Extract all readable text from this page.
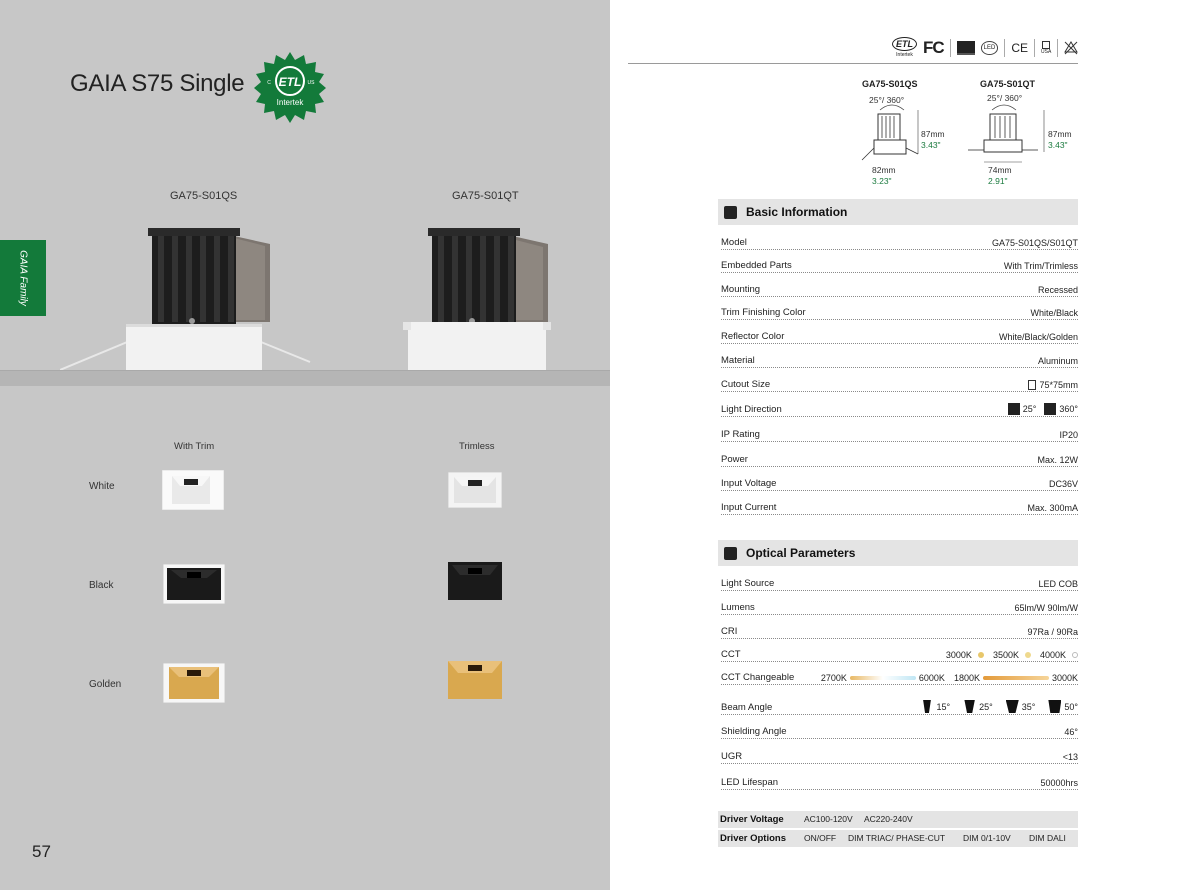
GAIA S75 Single	ETL
C	US
Intertek
GAIA Family
GA75-S01QS	GA75-S01QT
With Trim	Trimless
White
Black
Golden
57
ETL
Intertek FC	LED CE	USA
GA75-S01QS
25°/ 360°
87mm
3.43"
82mm
3.23"
GA75-S01QT
25°/ 360°
87mm
3.43"
74mm
2.91"
Basic Information
Model	GA75-S01QS/S01QT
Embedded Parts	With Trim/Trimless
Mounting	Recessed
Trim Finishing Color	White/Black
Reflector Color	White/Black/Golden
Material	Aluminum
Cutout Size	75*75mm
Light Direction	25°	360°
IP Rating	IP20
Power	Max. 12W
Input Voltage	DC36V
Input Current	Max. 300mA
Optical Parameters
Light Source	LED COB
Lumens	65lm/W 90lm/W
CRI	97Ra / 90Ra
CCT	3000K 3500K 4000K
CCT Changeable	2700K	6000K 1800K	3000K
Beam Angle	15°	25°	35°	50°
Shielding Angle	46°
UGR	<13
LED Lifespan	50000hrs
Driver Voltage	AC100-120V AC220-240V
Driver Options	ON/OFF DIM TRIAC/ PHASE-CUT DIM 0/1-10V DIM DALI
